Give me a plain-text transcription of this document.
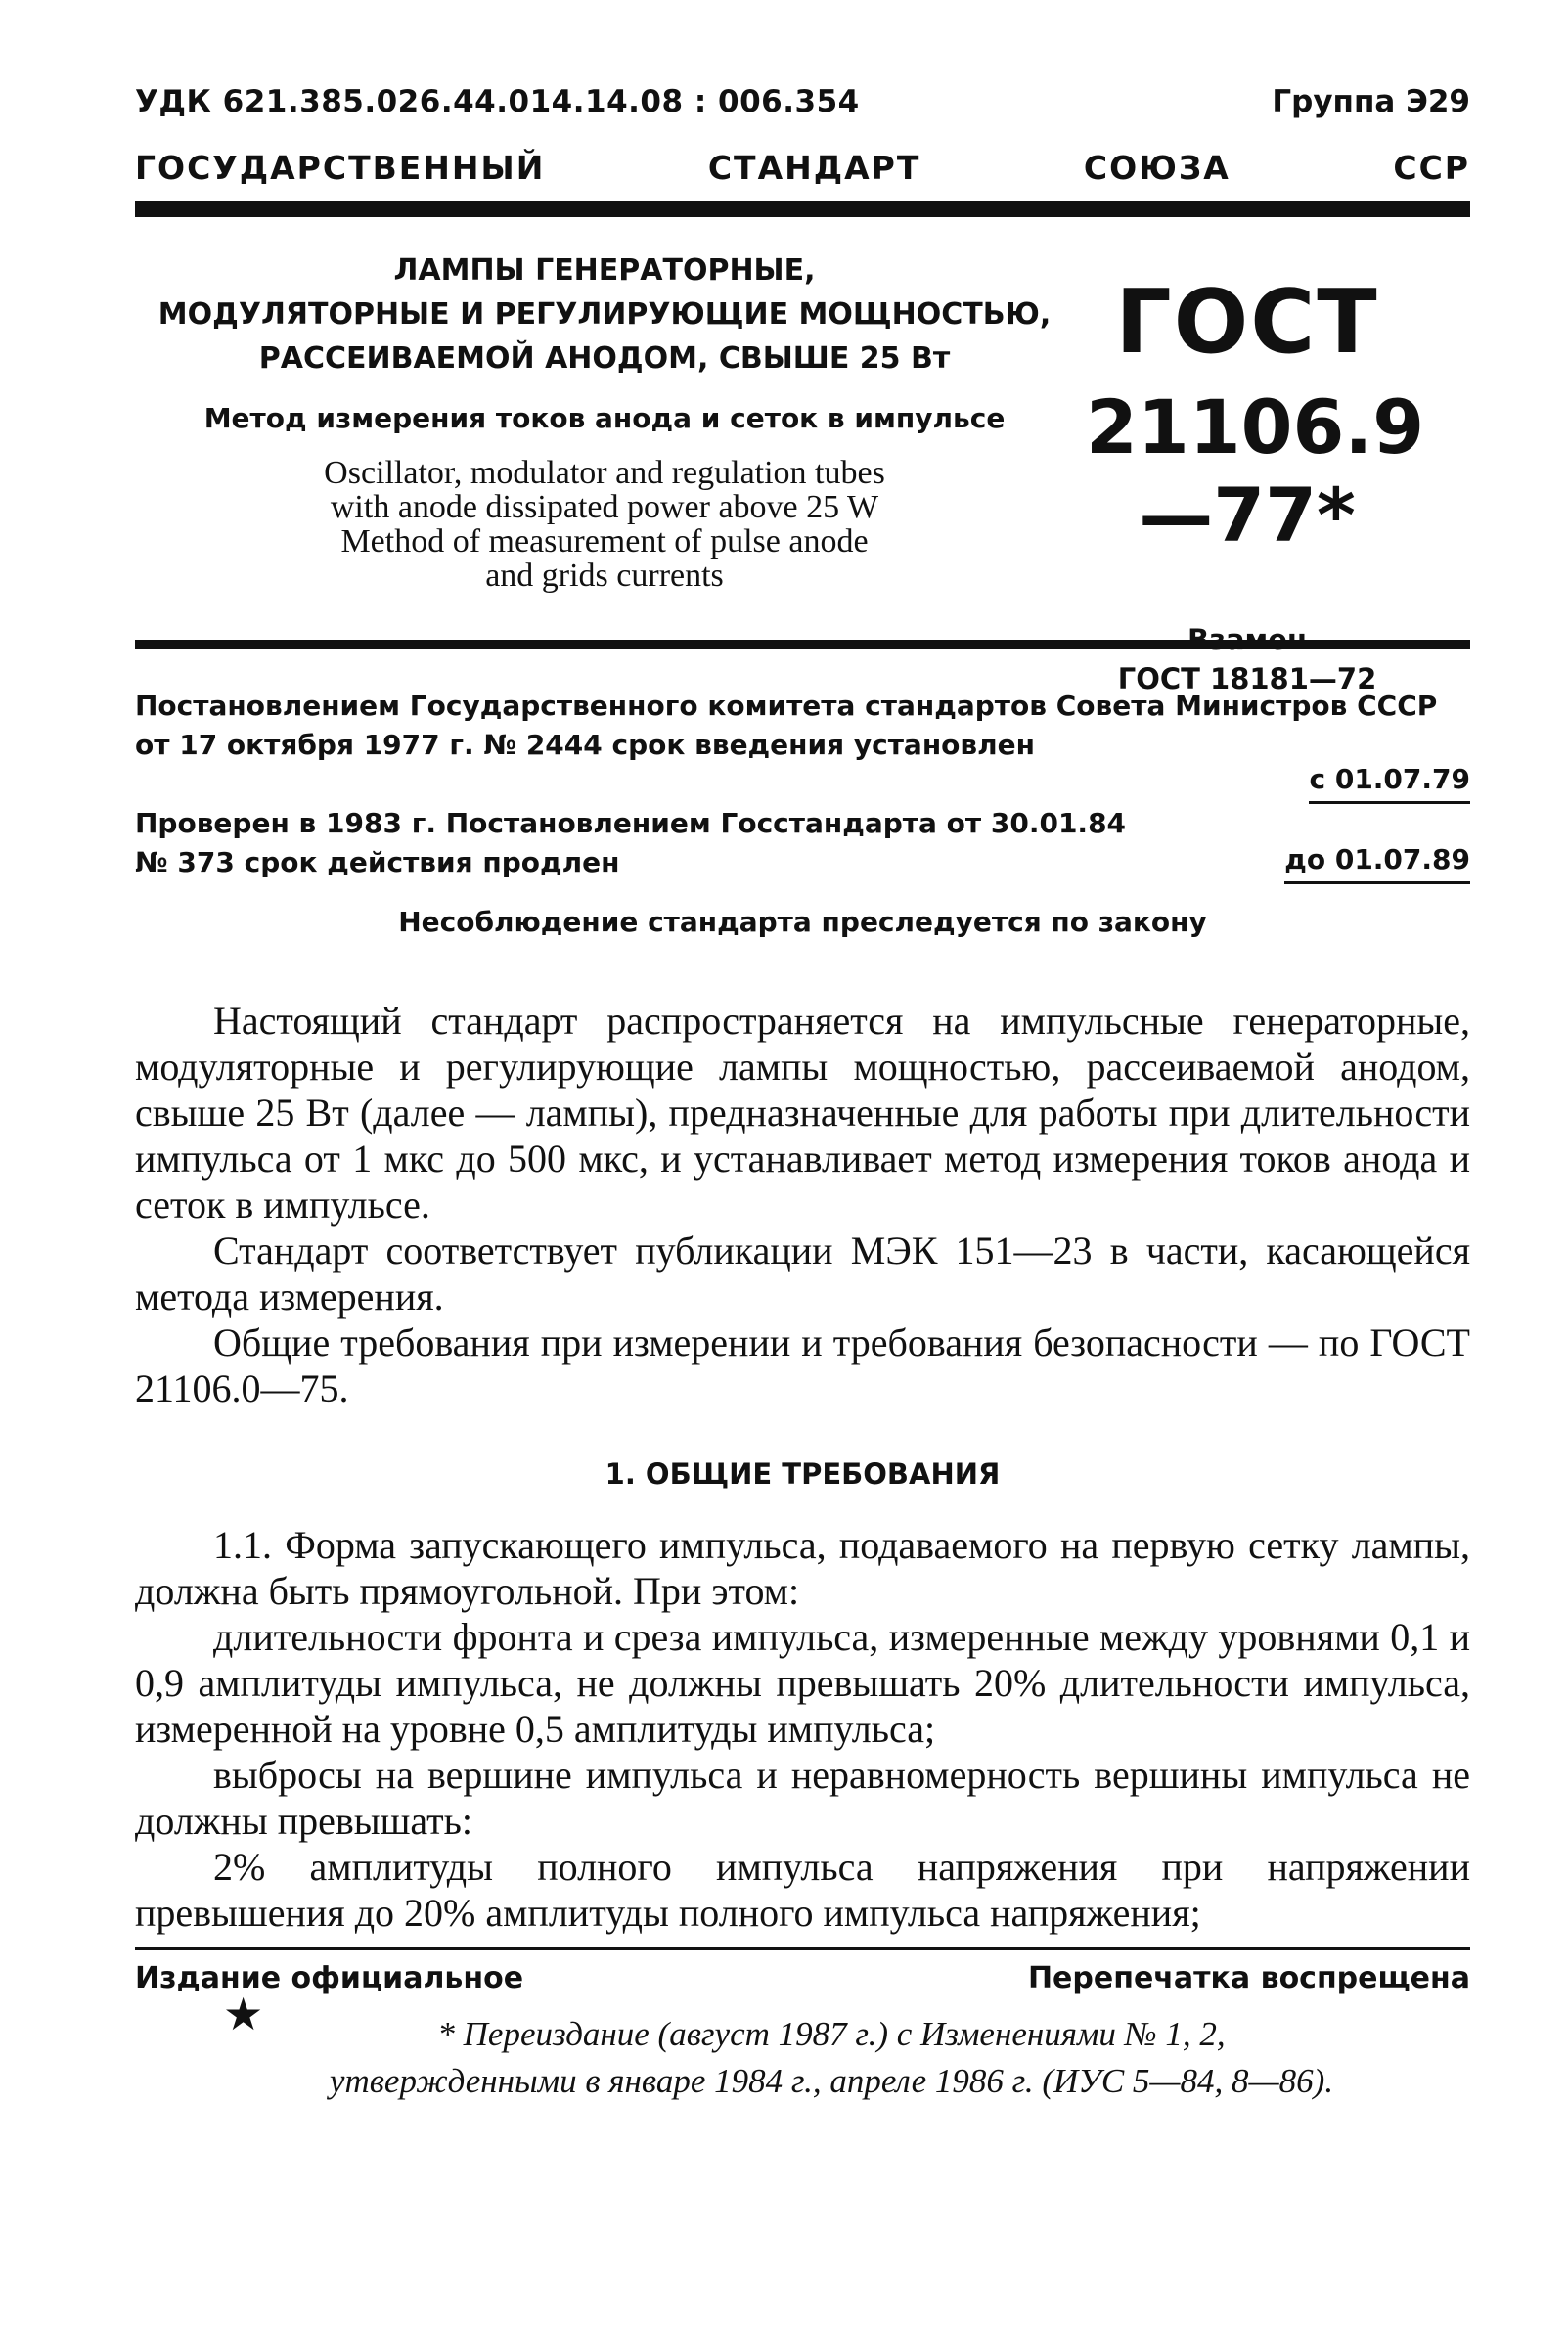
УДК 621.385.026.44.014.14.08 : 006.354	Группа Э29
ГОСУДАРСТВЕННЫЙ	СТАНДАРТ	СОЮЗА	ССР
ЛАМПЫ ГЕНЕРАТОРНЫЕ,
МОДУЛЯТОРНЫЕ И РЕГУЛИРУЮЩИЕ МОЩНОСТЬЮ,
РАССЕИВАЕМОЙ АНОДОМ, СВЫШЕ 25 Вт
Метод измерения токов анода и сеток в импульсе
Oscillator, modulator and regulation tubes
with anode dissipated power above 25 W
Method of measurement of pulse anode
and grids currents
ГОСТ
21106.9—77*
ГОСТ 18181—72
Постановлением Государственного комитета стандартов Совета Министров СССР
от 17 октября 1977 г. № 2444 срок введения установлен
с 01.07.79
Проверен в 1983 г. Постановлением Госстандарта от 30.01.84
№ 373 срок действия продлен	до 01.07.89
Несоблюдение стандарта преследуется по закону

Настоящий стандарт распространяется на импульсные генераторные, модуляторные и регулирующие лампы мощностью, рассеиваемой анодом, свыше 25 Вт (далее — лампы), предназначенные для работы при длительности импульса от 1 мкс до 500 мкс, и устанавливает метод измерения токов анода и сеток в импульсе.

Стандарт соответствует публикации МЭК 151—23 в части, касающейся метода измерения.

Общие требования при измерении и требования безопасности — по ГОСТ 21106.0—75.

1. ОБЩИЕ ТРЕБОВАНИЯ

1.1. Форма запускающего импульса, подаваемого на первую сетку лампы, должна быть прямоугольной. При этом:

длительности фронта и среза импульса, измеренные между уровнями 0,1 и 0,9 амплитуды импульса, не должны превышать 20% длительности импульса, измеренной на уровне 0,5 амплитуды импульса;

выбросы на вершине импульса и неравномерность вершины импульса не должны превышать:

2% амплитуды полного импульса напряжения при напряжении превышения до 20% амплитуды полного импульса напряжения;

Издание официальное	Перепечатка воспрещена
★	* Переиздание (август 1987 г.) с Изменениями № 1, 2,
утвержденными в январе 1984 г., апреле 1986 г. (ИУС 5—84, 8—86).
